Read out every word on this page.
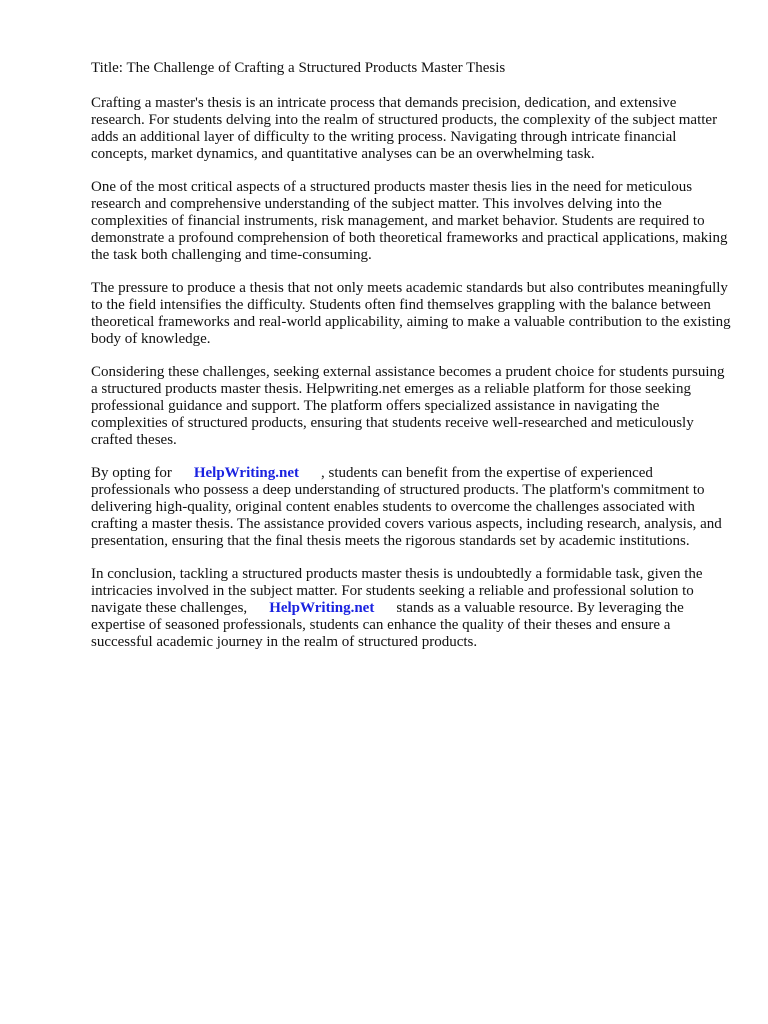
Title: The Challenge of Crafting a Structured Products Master Thesis

Crafting a master's thesis is an intricate process that demands precision, dedication, and extensive research. For students delving into the realm of structured products, the complexity of the subject matter adds an additional layer of difficulty to the writing process. Navigating through intricate financial concepts, market dynamics, and quantitative analyses can be an overwhelming task.

One of the most critical aspects of a structured products master thesis lies in the need for meticulous research and comprehensive understanding of the subject matter. This involves delving into the complexities of financial instruments, risk management, and market behavior. Students are required to demonstrate a profound comprehension of both theoretical frameworks and practical applications, making the task both challenging and time-consuming.

The pressure to produce a thesis that not only meets academic standards but also contributes meaningfully to the field intensifies the difficulty. Students often find themselves grappling with the balance between theoretical frameworks and real-world applicability, aiming to make a valuable contribution to the existing body of knowledge.

Considering these challenges, seeking external assistance becomes a prudent choice for students pursuing a structured products master thesis. Helpwriting.net emerges as a reliable platform for those seeking professional guidance and support. The platform offers specialized assistance in navigating the complexities of structured products, ensuring that students receive well-researched and meticulously crafted theses.

By opting for HelpWriting.net , students can benefit from the expertise of experienced professionals who possess a deep understanding of structured products. The platform's commitment to delivering high-quality, original content enables students to overcome the challenges associated with crafting a master thesis. The assistance provided covers various aspects, including research, analysis, and presentation, ensuring that the final thesis meets the rigorous standards set by academic institutions.

In conclusion, tackling a structured products master thesis is undoubtedly a formidable task, given the intricacies involved in the subject matter. For students seeking a reliable and professional solution to navigate these challenges, HelpWriting.net stands as a valuable resource. By leveraging the expertise of seasoned professionals, students can enhance the quality of their theses and ensure a successful academic journey in the realm of structured products.
